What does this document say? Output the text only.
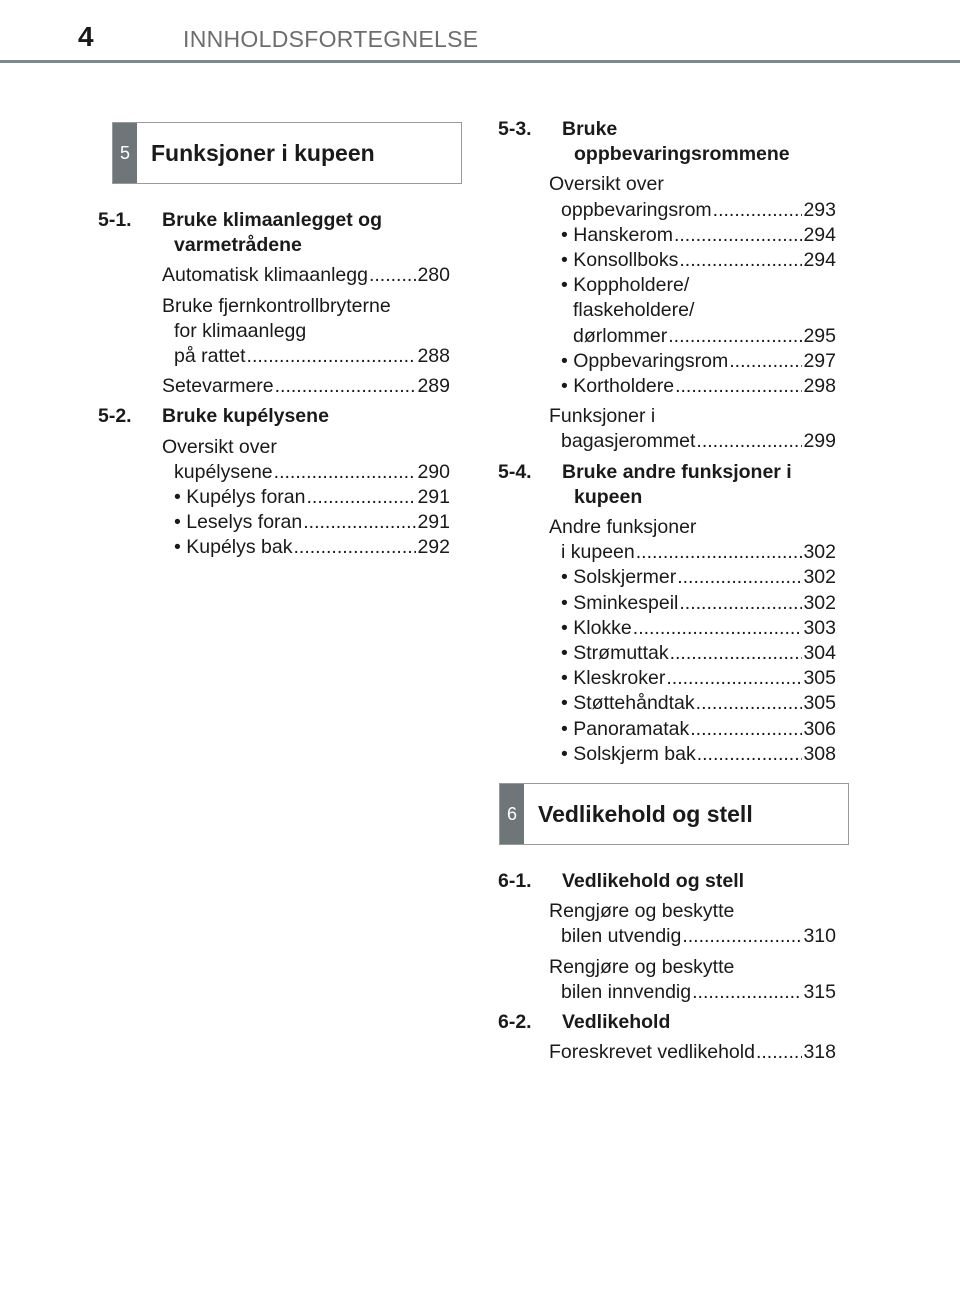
4	INNHOLDSFORTEGNELSE
5 Funksjoner i kupeen
5-1. Bruke klimaanlegget og varmetrådene
Automatisk klimaanlegg .....	280
Bruke fjernkontrollbryterne
for klimaanlegg
på rattet .....	288
Setevarmere .....	289
5-2. Bruke kupélysene
Oversikt over
kupélysene .....	290
• Kupélys foran .....	291
• Leselys foran .....	291
• Kupélys bak .....	292
5-3. Bruke oppbevaringsrommene
Oversikt over
oppbevaringsrom .....	293
• Hanskerom .....	294
• Konsollboks .....	294
• Koppholdere/
flaskeholdere/
dørlommer .....	295
• Oppbevaringsrom .....	297
• Kortholdere .....	298
Funksjoner i
bagasjerommet .....	299
5-4. Bruke andre funksjoner i kupeen
Andre funksjoner
i kupeen .....	302
• Solskjermer .....	302
• Sminkespeil .....	302
• Klokke .....	303
• Strømuttak .....	304
• Kleskroker .....	305
• Støttehåndtak .....	305
• Panoramatak .....	306
• Solskjerm bak .....	308
6 Vedlikehold og stell
6-1. Vedlikehold og stell
Rengjøre og beskytte
bilen utvendig .....	310
Rengjøre og beskytte
bilen innvendig .....	315
6-2. Vedlikehold
Foreskrevet vedlikehold ..... 318
